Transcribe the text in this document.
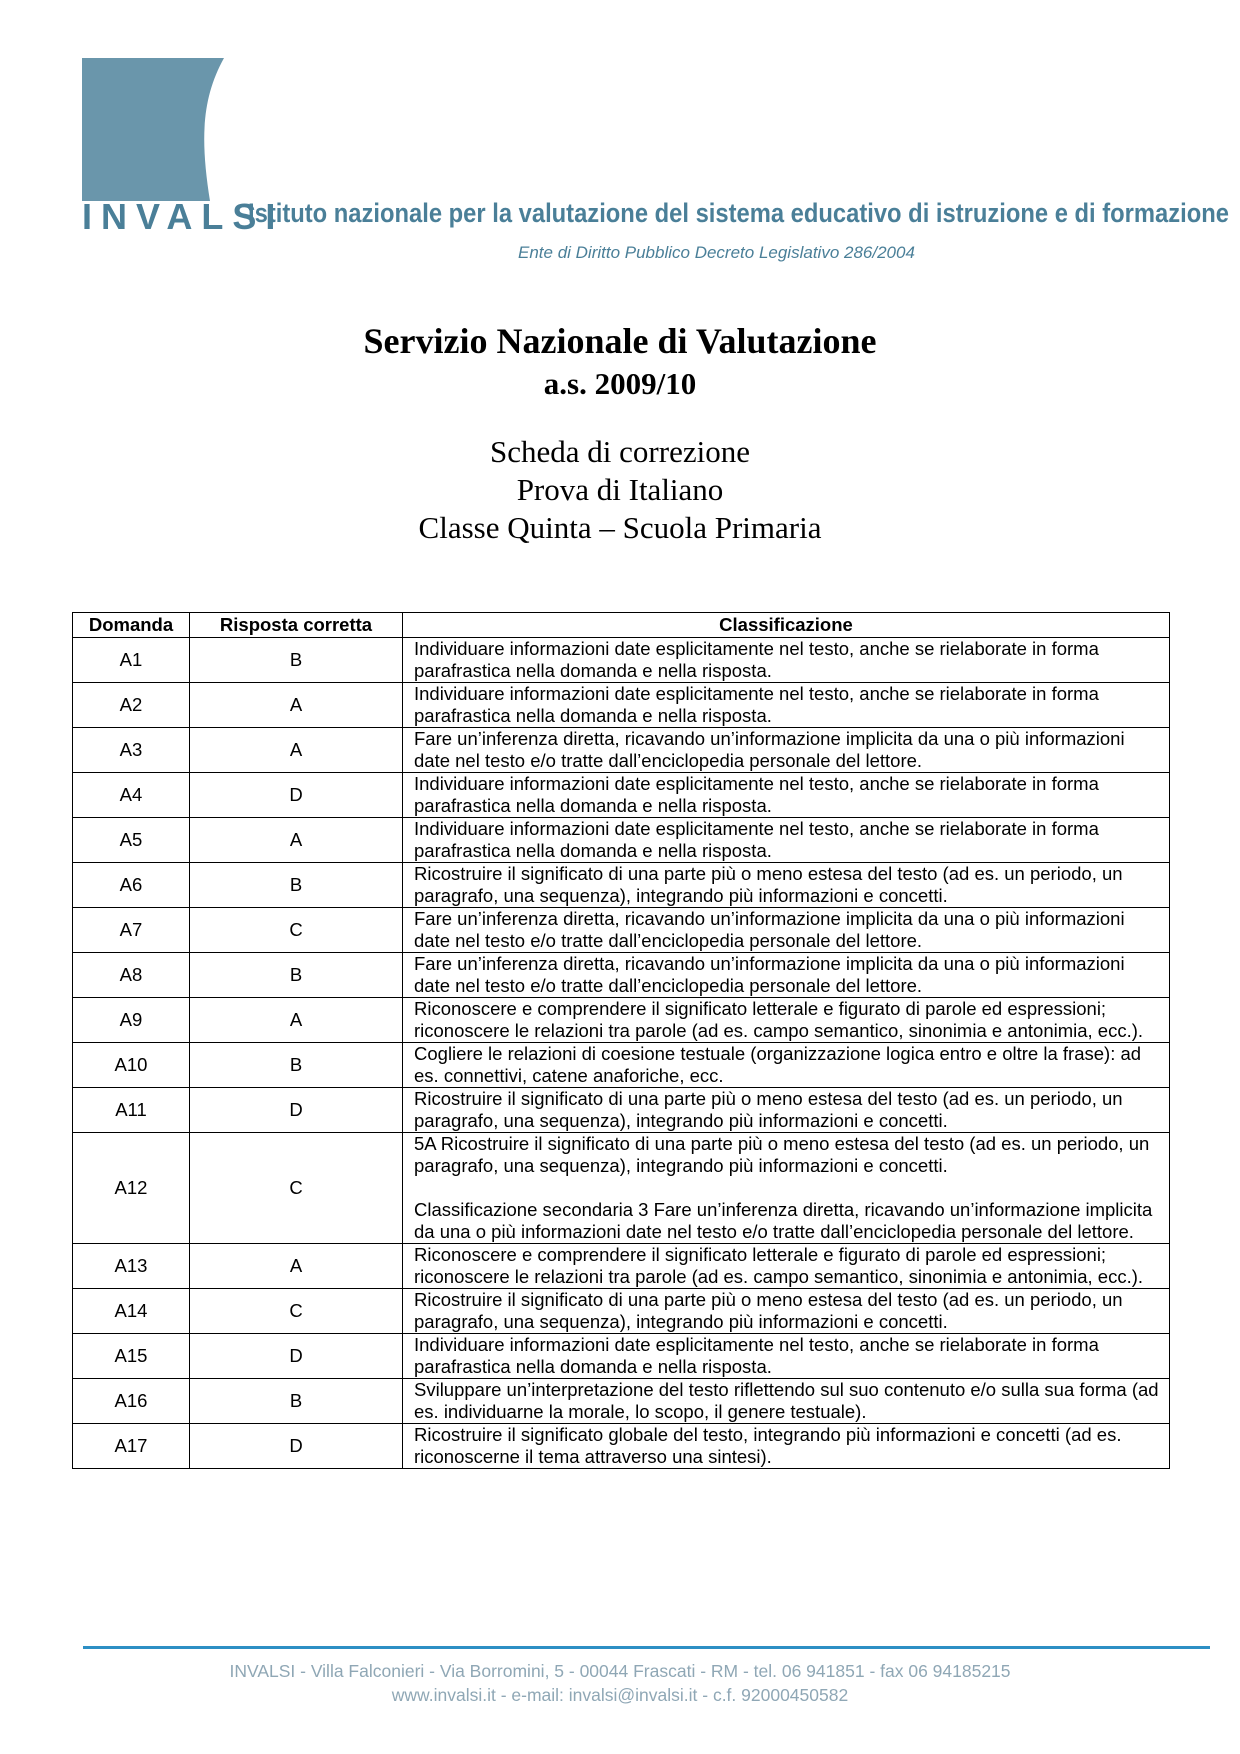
INVALSI
Istituto nazionale per la valutazione del sistema educativo di istruzione e di formazione
Ente di Diritto Pubblico Decreto Legislativo 286/2004
Servizio Nazionale di Valutazione
a.s. 2009/10
Scheda di correzione
Prova di Italiano
Classe Quinta – Scuola Primaria
Domanda	Risposta corretta	Classificazione
A1	B	Individuare informazioni date esplicitamente nel testo, anche se rielaborate in forma parafrastica nella domanda e nella risposta.
A2	A	Individuare informazioni date esplicitamente nel testo, anche se rielaborate in forma parafrastica nella domanda e nella risposta.
A3	A	Fare un’inferenza diretta, ricavando un’informazione implicita da una o più informazioni date nel testo e/o tratte dall’enciclopedia personale del lettore.
A4	D	Individuare informazioni date esplicitamente nel testo, anche se rielaborate in forma parafrastica nella domanda e nella risposta.
A5	A	Individuare informazioni date esplicitamente nel testo, anche se rielaborate in forma parafrastica nella domanda e nella risposta.
A6	B	Ricostruire il significato di una parte più o meno estesa del testo (ad es. un periodo, un paragrafo, una sequenza), integrando più informazioni e concetti.
A7	C	Fare un’inferenza diretta, ricavando un’informazione implicita da una o più informazioni date nel testo e/o tratte dall’enciclopedia personale del lettore.
A8	B	Fare un’inferenza diretta, ricavando un’informazione implicita da una o più informazioni date nel testo e/o tratte dall’enciclopedia personale del lettore.
A9	A	Riconoscere e comprendere il significato letterale e figurato di parole ed espressioni; riconoscere le relazioni tra parole (ad es. campo semantico, sinonimia e antonimia, ecc.).
A10	B	Cogliere le relazioni di coesione testuale (organizzazione logica entro e oltre la frase): ad es. connettivi, catene anaforiche, ecc.
A11	D	Ricostruire il significato di una parte più o meno estesa del testo (ad es. un periodo, un paragrafo, una sequenza), integrando più informazioni e concetti.
A12	C	5A Ricostruire il significato di una parte più o meno estesa del testo (ad es. un periodo, un paragrafo, una sequenza), integrando più informazioni e concetti.
Classificazione secondaria 3 Fare un’inferenza diretta, ricavando un’informazione implicita da una o più informazioni date nel testo e/o tratte dall’enciclopedia personale del lettore.
A13	A	Riconoscere e comprendere il significato letterale e figurato di parole ed espressioni; riconoscere le relazioni tra parole (ad es. campo semantico, sinonimia e antonimia, ecc.).
A14	C	Ricostruire il significato di una parte più o meno estesa del testo (ad es. un periodo, un paragrafo, una sequenza), integrando più informazioni e concetti.
A15	D	Individuare informazioni date esplicitamente nel testo, anche se rielaborate in forma parafrastica nella domanda e nella risposta.
A16	B	Sviluppare un’interpretazione del testo riflettendo sul suo contenuto e/o sulla sua forma (ad es. individuarne la morale, lo scopo, il genere testuale).
A17	D	Ricostruire il significato globale del testo, integrando più informazioni e concetti (ad es. riconoscerne il tema attraverso una sintesi).
INVALSI - Villa Falconieri - Via Borromini, 5 - 00044 Frascati - RM - tel. 06 941851 - fax 06 94185215
www.invalsi.it - e-mail: invalsi@invalsi.it - c.f. 92000450582
